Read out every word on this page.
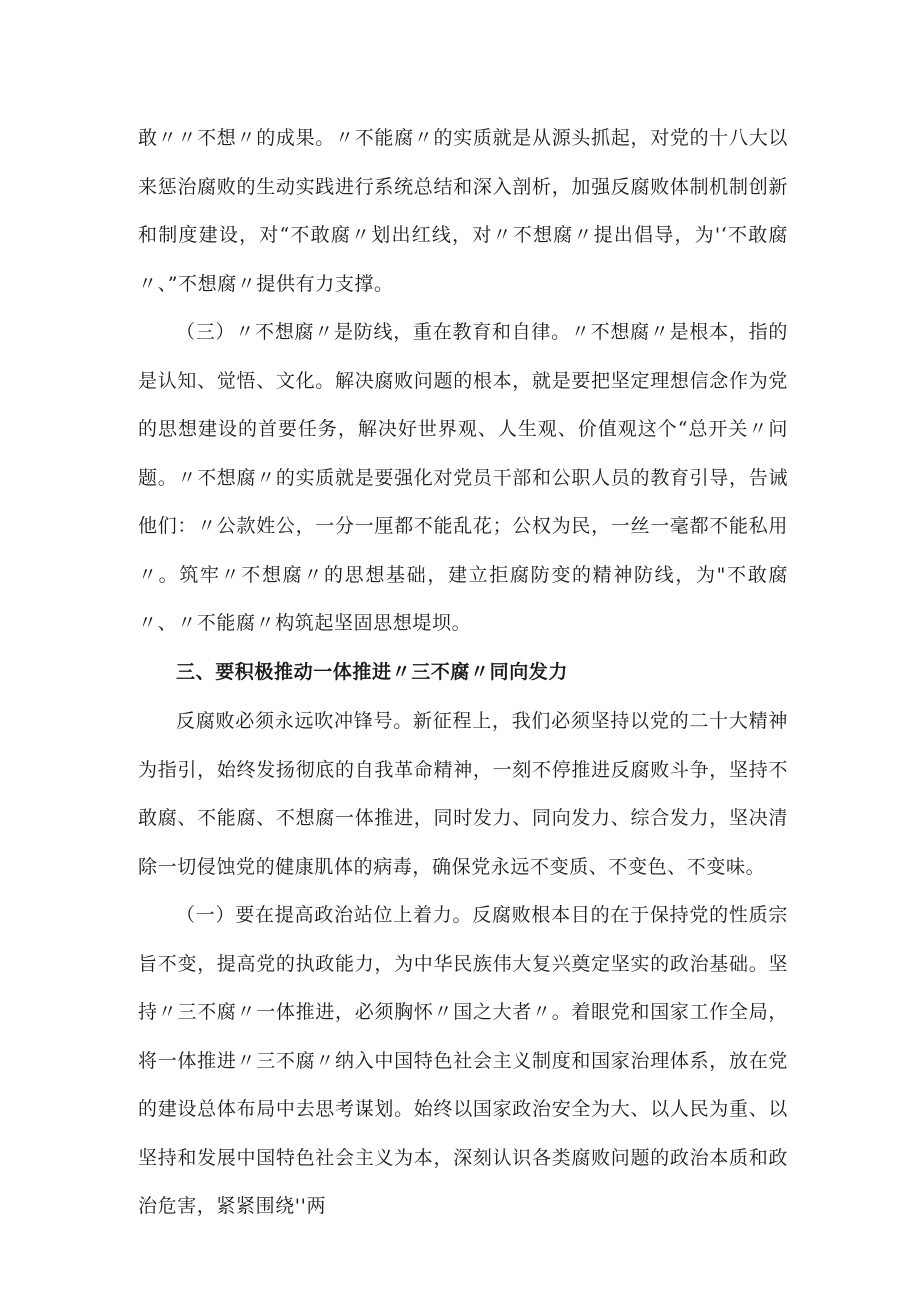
敢〃〃不想〃的成果。〃不能腐〃的实质就是从源头抓起，对党的十八大以来惩治腐败的生动实践进行系统总结和深入剖析，加强反腐败体制机制创新和制度建设，对“不敢腐〃划出红线，对〃不想腐〃提出倡导，为'‘不敢腐〃、”不想腐〃提供有力支撑。

（三）〃不想腐〃是防线，重在教育和自律。〃不想腐〃是根本，指的是认知、觉悟、文化。解决腐败问题的根本，就是要把坚定理想信念作为党的思想建设的首要任务，解决好世界观、人生观、价值观这个“总开关〃问题。〃不想腐〃的实质就是要强化对党员干部和公职人员的教育引导，告诫他们：〃公款姓公，一分一厘都不能乱花；公权为民，一丝一毫都不能私用〃。筑牢〃不想腐〃的思想基础，建立拒腐防变的精神防线，为"不敢腐〃、〃不能腐〃构筑起坚固思想堤坝。

三、要积极推动一体推进〃三不腐〃同向发力

反腐败必须永远吹冲锋号。新征程上，我们必须坚持以党的二十大精神为指引，始终发扬彻底的自我革命精神，一刻不停推进反腐败斗争，坚持不敢腐、不能腐、不想腐一体推进，同时发力、同向发力、综合发力，坚决清除一切侵蚀党的健康肌体的病毒，确保党永远不变质、不变色、不变味。

（一）要在提高政治站位上着力。反腐败根本目的在于保持党的性质宗旨不变，提高党的执政能力，为中华民族伟大复兴奠定坚实的政治基础。坚持〃三不腐〃一体推进，必须胸怀〃国之大者〃。着眼党和国家工作全局，将一体推进〃三不腐〃纳入中国特色社会主义制度和国家治理体系，放在党的建设总体布局中去思考谋划。始终以国家政治安全为大、以人民为重、以坚持和发展中国特色社会主义为本，深刻认识各类腐败问题的政治本质和政治危害，紧紧围绕''两
